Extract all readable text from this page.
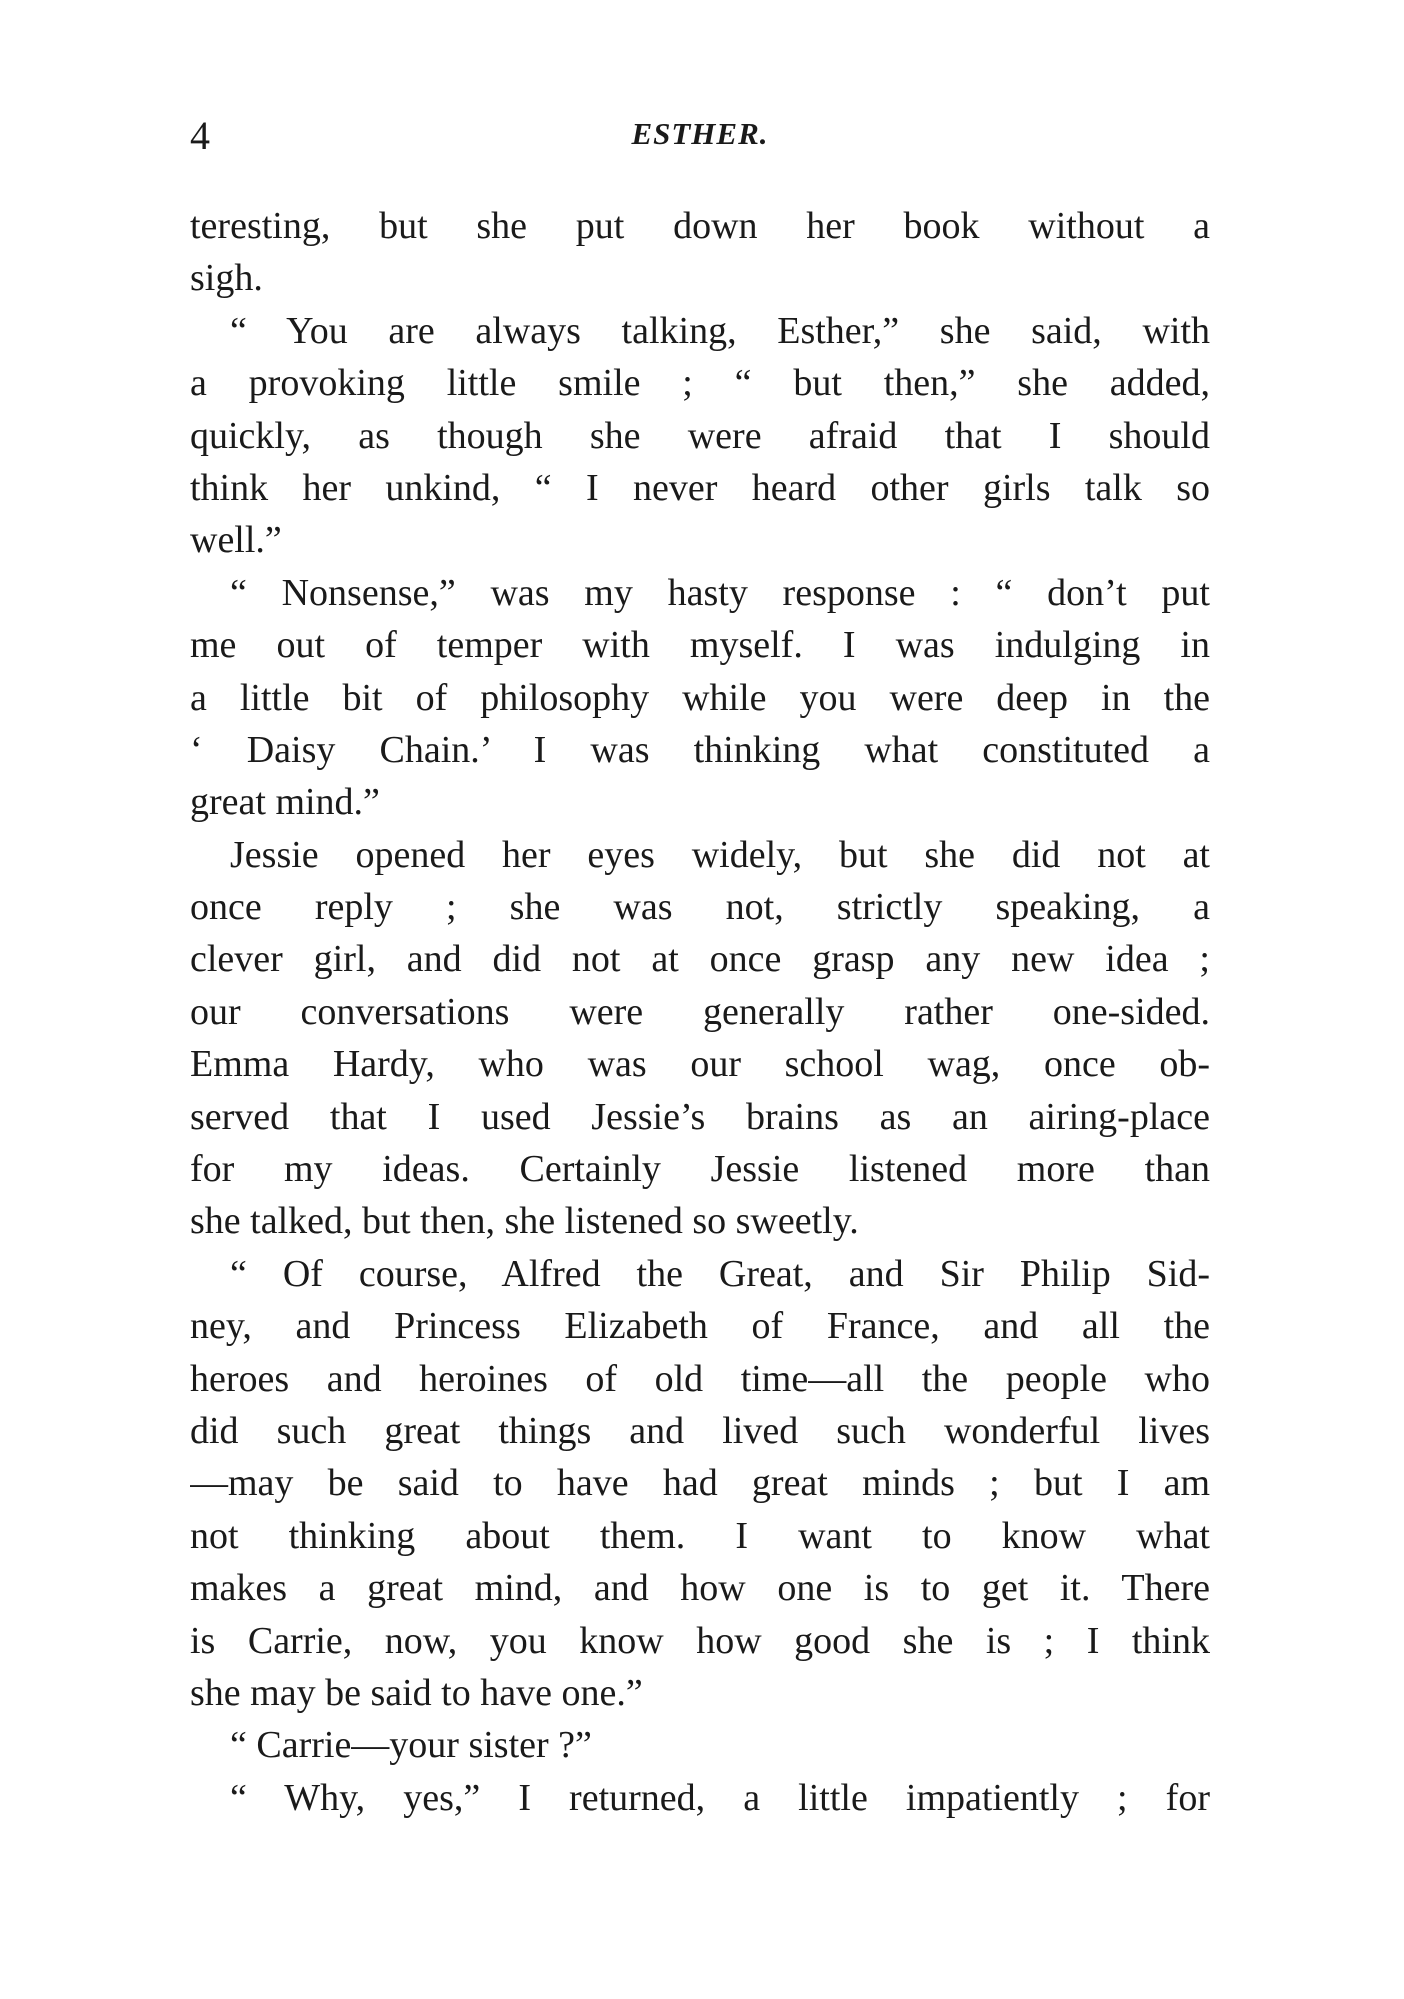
4	ESTHER.
teresting, but she put down her book without a
sigh.
“ You are always talking, Esther,” she said, with
a provoking little smile ; “ but then,” she added,
quickly, as though she were afraid that I should
think her unkind, “ I never heard other girls talk so
well.”
“ Nonsense,” was my hasty response : “ don’t put
me out of temper with myself. I was indulging in
a little bit of philosophy while you were deep in the
‘ Daisy Chain.’ I was thinking what constituted a
great mind.”
Jessie opened her eyes widely, but she did not at
once reply ; she was not, strictly speaking, a
clever girl, and did not at once grasp any new idea ;
our conversations were generally rather one-sided.
Emma Hardy, who was our school wag, once ob-
served that I used Jessie’s brains as an airing-place
for my ideas. Certainly Jessie listened more than
she talked, but then, she listened so sweetly.
“ Of course, Alfred the Great, and Sir Philip Sid-
ney, and Princess Elizabeth of France, and all the
heroes and heroines of old time—all the people who
did such great things and lived such wonderful lives
—may be said to have had great minds ; but I am
not thinking about them. I want to know what
makes a great mind, and how one is to get it. There
is Carrie, now, you know how good she is ; I think
she may be said to have one.”
“ Carrie—your sister ?”
“ Why, yes,” I returned, a little impatiently ; for
